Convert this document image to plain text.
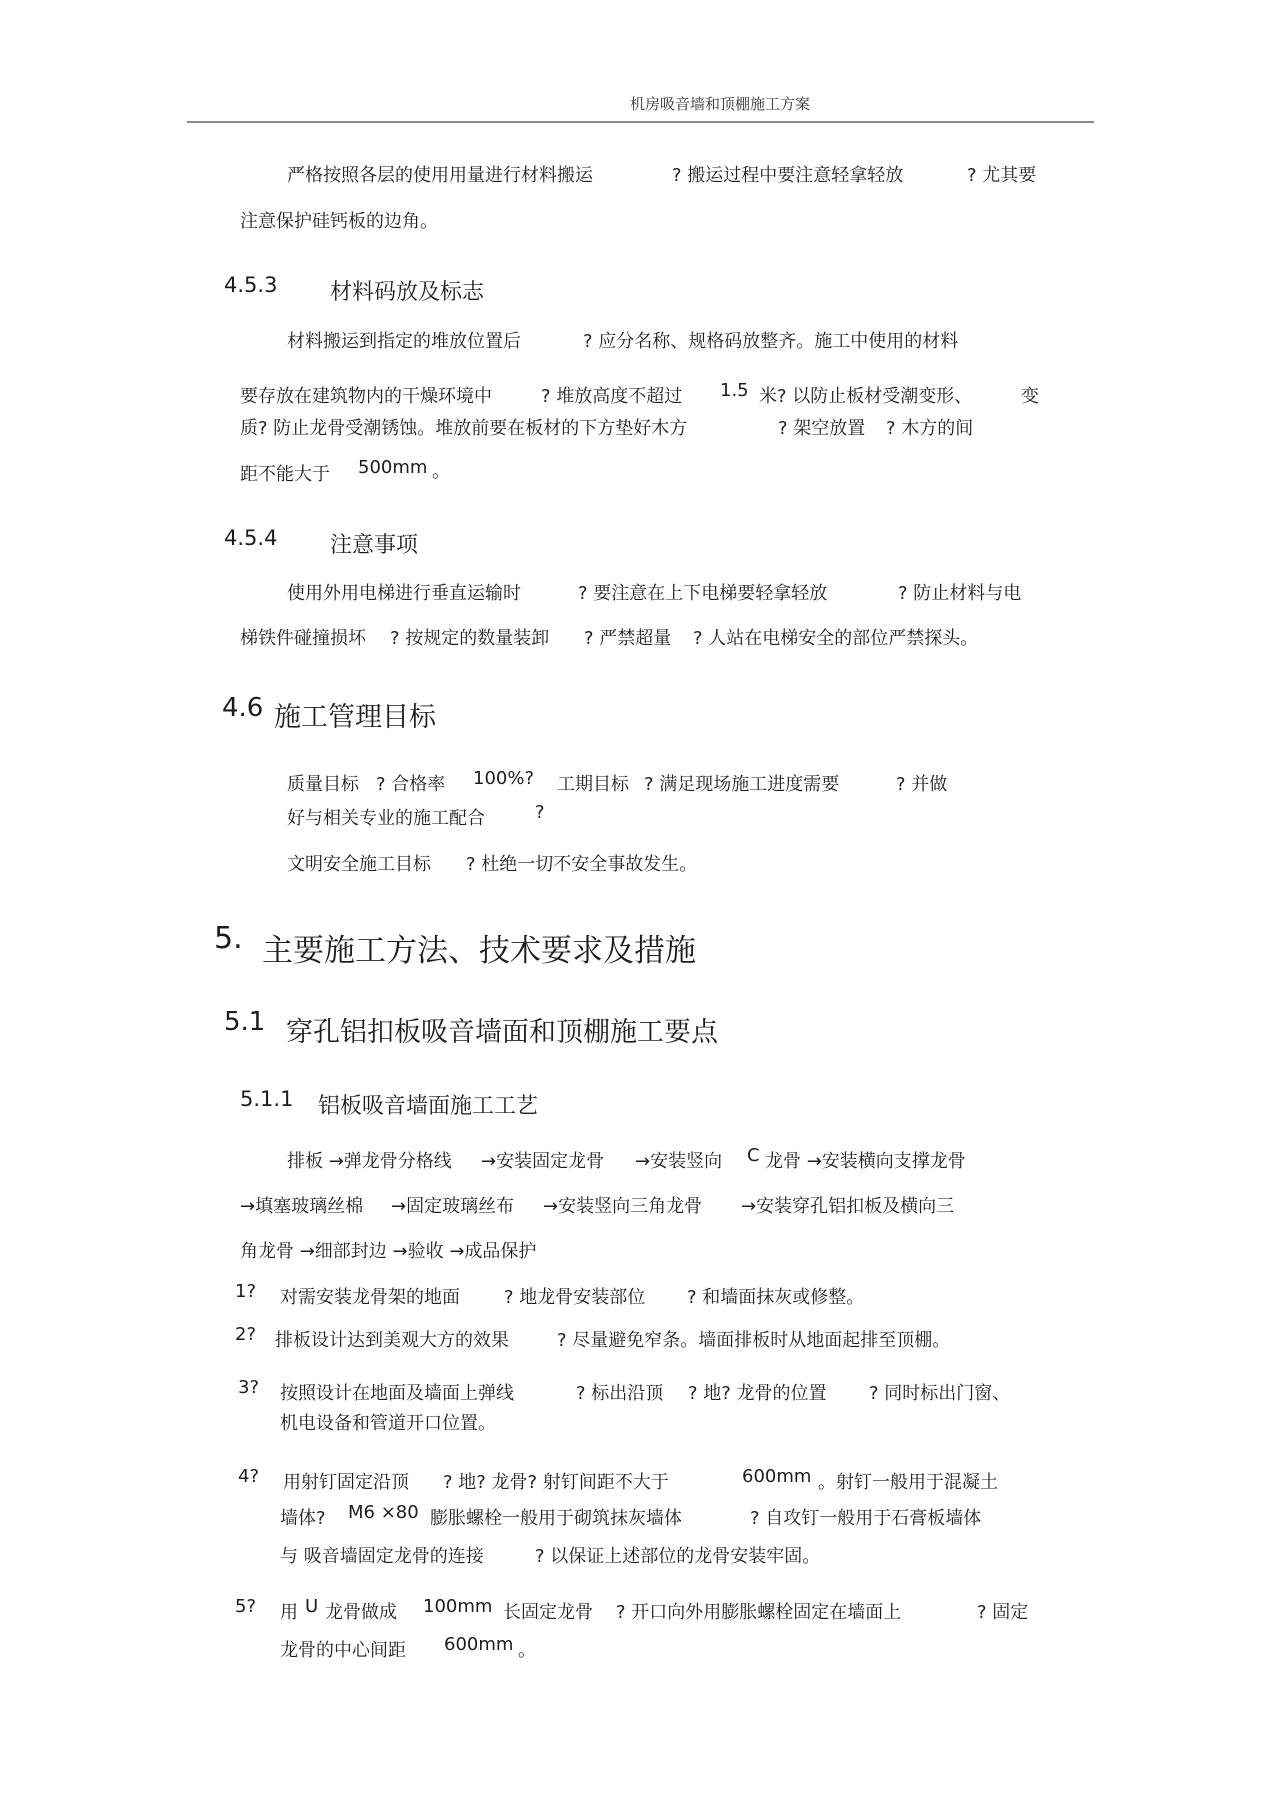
机房吸音墙和顶棚施工方案
严格按照各层的使用用量进行材料搬运	? 搬运过程中要注意轻拿轻放	? 尤其要
注意保护硅钙板的边角。
4.5.3 材料码放及标志
材料搬运到指定的堆放位置后	? 应分名称、规格码放整齐。施工中使用的材料
要存放在建筑物内的干燥环境中	? 堆放高度不超过 1.5 米? 以防止板材受潮变形、	变
质? 防止龙骨受潮锈蚀。堆放前要在板材的下方垫好木方	? 架空放置 ? 木方的间
距不能大于 500mm 。
4.5.4 注意事项
使用外用电梯进行垂直运输时	? 要注意在上下电梯要轻拿轻放	? 防止材料与电
梯铁件碰撞损坏 ? 按规定的数量装卸 ? 严禁超量 ? 人站在电梯安全的部位严禁探头。
4.6 施工管理目标
质量目标 ? 合格率 100%? 工期目标 ? 满足现场施工进度需要	? 并做
好与相关专业的施工配合	?
文明安全施工目标 ? 杜绝一切不安全事故发生。
5. 主要施工方法、技术要求及措施
5.1 穿孔铝扣板吸音墙面和顶棚施工要点
5.1.1 铝板吸音墙面施工工艺
排板 →弹龙骨分格线 →安装固定龙骨 →安装竖向 C 龙骨 →安装横向支撑龙骨
→填塞玻璃丝棉 →固定玻璃丝布 →安装竖向三角龙骨 →安装穿孔铝扣板及横向三
角龙骨 →细部封边 →验收 →成品保护
1? 对需安装龙骨架的地面 ? 地龙骨安装部位 ? 和墙面抹灰或修整。
2? 排板设计达到美观大方的效果	? 尽量避免窄条。墙面排板时从地面起排至顶棚。
3? 按照设计在地面及墙面上弹线	? 标出沿顶 ? 地? 龙骨的位置 ? 同时标出门窗、
机电设备和管道开口位置。
4? 用射钉固定沿顶 ? 地? 龙骨? 射钉间距不大于	600mm 。射钉一般用于混凝土
墙体? M6 ×80 膨胀螺栓一般用于砌筑抹灰墙体	? 自攻钉一般用于石膏板墙体
与 吸音墙固定龙骨的连接	? 以保证上述部位的龙骨安装牢固。
5? 用 U 龙骨做成 100mm 长固定龙骨 ? 开口向外用膨胀螺栓固定在墙面上	? 固定
龙骨的中心间距 600mm 。
